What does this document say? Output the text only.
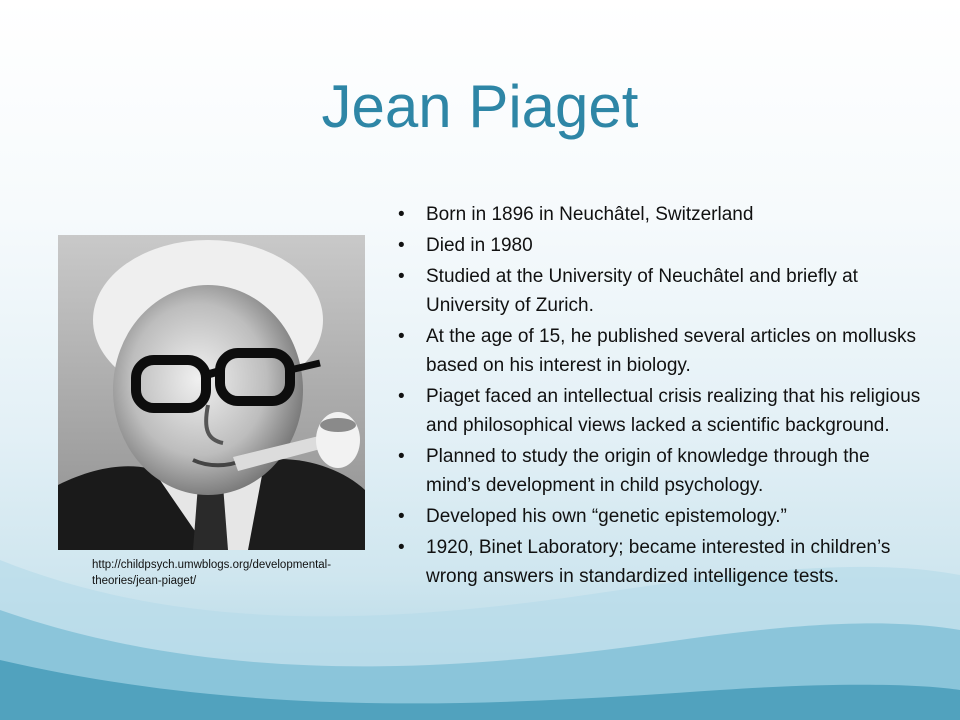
Jean Piaget
http://childpsych.umwblogs.org/developmental-theories/jean-piaget/
• Born in 1896 in Neuchâtel, Switzerland
• Died in 1980
• Studied at the University of Neuchâtel and briefly at University of Zurich.
• At the age of 15, he published several articles on mollusks based on his interest in biology.
• Piaget faced an intellectual crisis realizing that his religious and philosophical views lacked a scientific background.
• Planned to study the origin of knowledge through the mind’s development in child psychology.
• Developed his own “genetic epistemology.”
• 1920, Binet Laboratory; became interested in children’s wrong answers in standardized intelligence tests.
